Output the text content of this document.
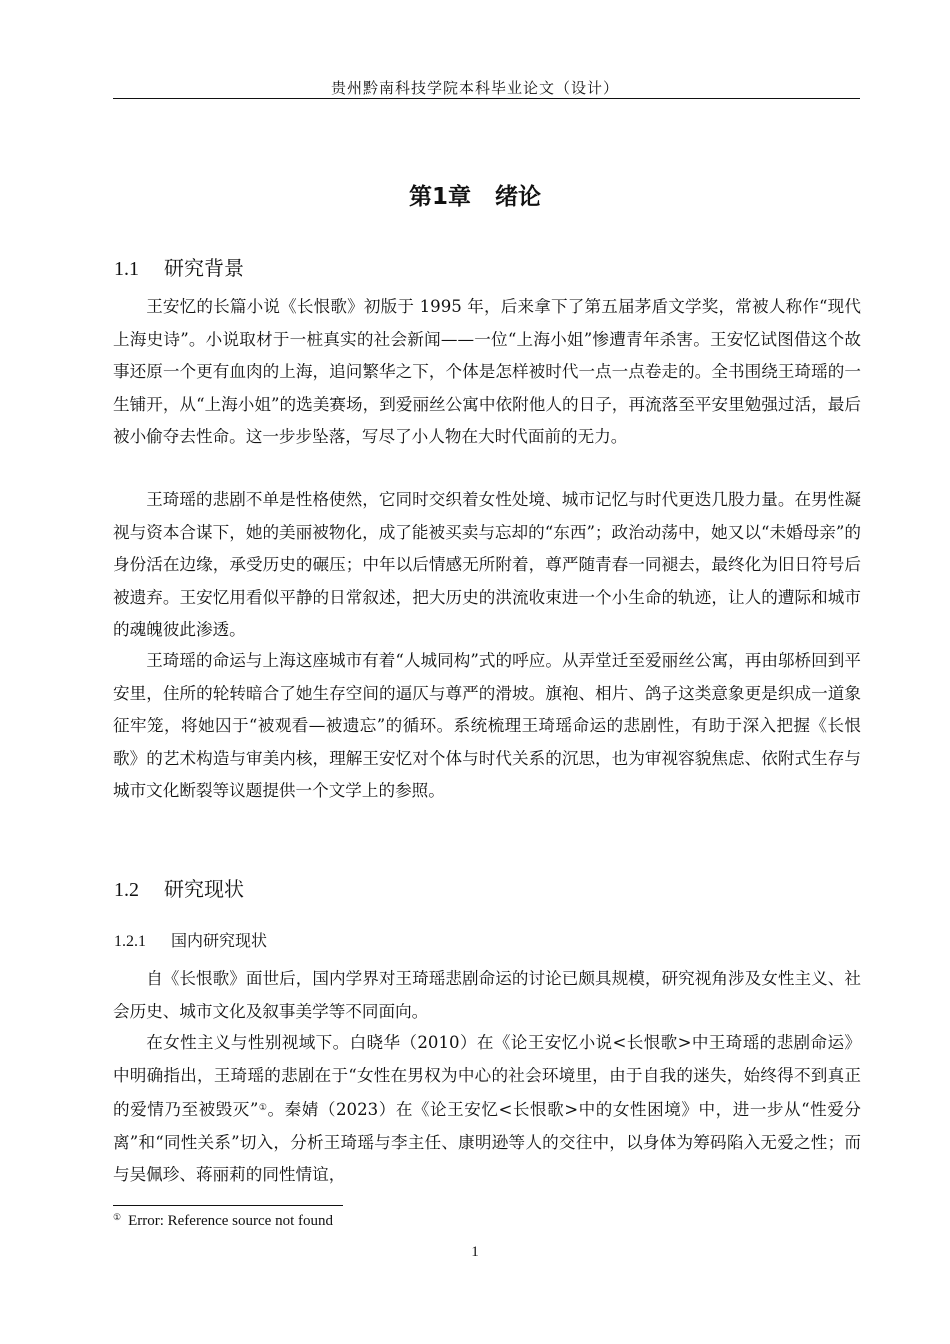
贵州黔南科技学院本科毕业论文（设计）
第1章 绪论
1.1 研究背景

王安忆的长篇小说《长恨歌》初版于 1995 年，后来拿下了第五届茅盾文学奖，常被人称作“现代上海史诗”。小说取材于一桩真实的社会新闻——一位“上海小姐”惨遭青年杀害。王安忆试图借这个故事还原一个更有血肉的上海，追问繁华之下，个体是怎样被时代一点一点卷走的。全书围绕王琦瑶的一生铺开，从“上海小姐”的选美赛场，到爱丽丝公寓中依附他人的日子，再流落至平安里勉强过活，最后被小偷夺去性命。这一步步坠落，写尽了小人物在大时代面前的无力。

王琦瑶的悲剧不单是性格使然，它同时交织着女性处境、城市记忆与时代更迭几股力量。在男性凝视与资本合谋下，她的美丽被物化，成了能被买卖与忘却的“东西”；政治动荡中，她又以“未婚母亲”的身份活在边缘，承受历史的碾压；中年以后情感无所附着，尊严随青春一同褪去，最终化为旧日符号后被遗弃。王安忆用看似平静的日常叙述，把大历史的洪流收束进一个小生命的轨迹，让人的遭际和城市的魂魄彼此渗透。

王琦瑶的命运与上海这座城市有着“人城同构”式的呼应。从弄堂迁至爱丽丝公寓，再由邬桥回到平安里，住所的轮转暗合了她生存空间的逼仄与尊严的滑坡。旗袍、相片、鸽子这类意象更是织成一道象征牢笼，将她囚于“被观看—被遗忘”的循环。系统梳理王琦瑶命运的悲剧性，有助于深入把握《长恨歌》的艺术构造与审美内核，理解王安忆对个体与时代关系的沉思，也为审视容貌焦虑、依附式生存与城市文化断裂等议题提供一个文学上的参照。

1.2 研究现状
1.2.1 国内研究现状

自《长恨歌》面世后，国内学界对王琦瑶悲剧命运的讨论已颇具规模，研究视角涉及女性主义、社会历史、城市文化及叙事美学等不同面向。

在女性主义与性别视域下。白晓华（2010）在《论王安忆小说<长恨歌>中王琦瑶的悲剧命运》中明确指出，王琦瑶的悲剧在于“女性在男权为中心的社会环境里，由于自我的迷失，始终得不到真正的爱情乃至被毁灭”①。秦婧（2023）在《论王安忆<长恨歌>中的女性困境》中，进一步从“性爱分离”和“同性关系”切入，分析王琦瑶与李主任、康明逊等人的交往中，以身体为筹码陷入无爱之性；而与吴佩珍、蒋丽莉的同性情谊，

① Error: Reference source not found
1
